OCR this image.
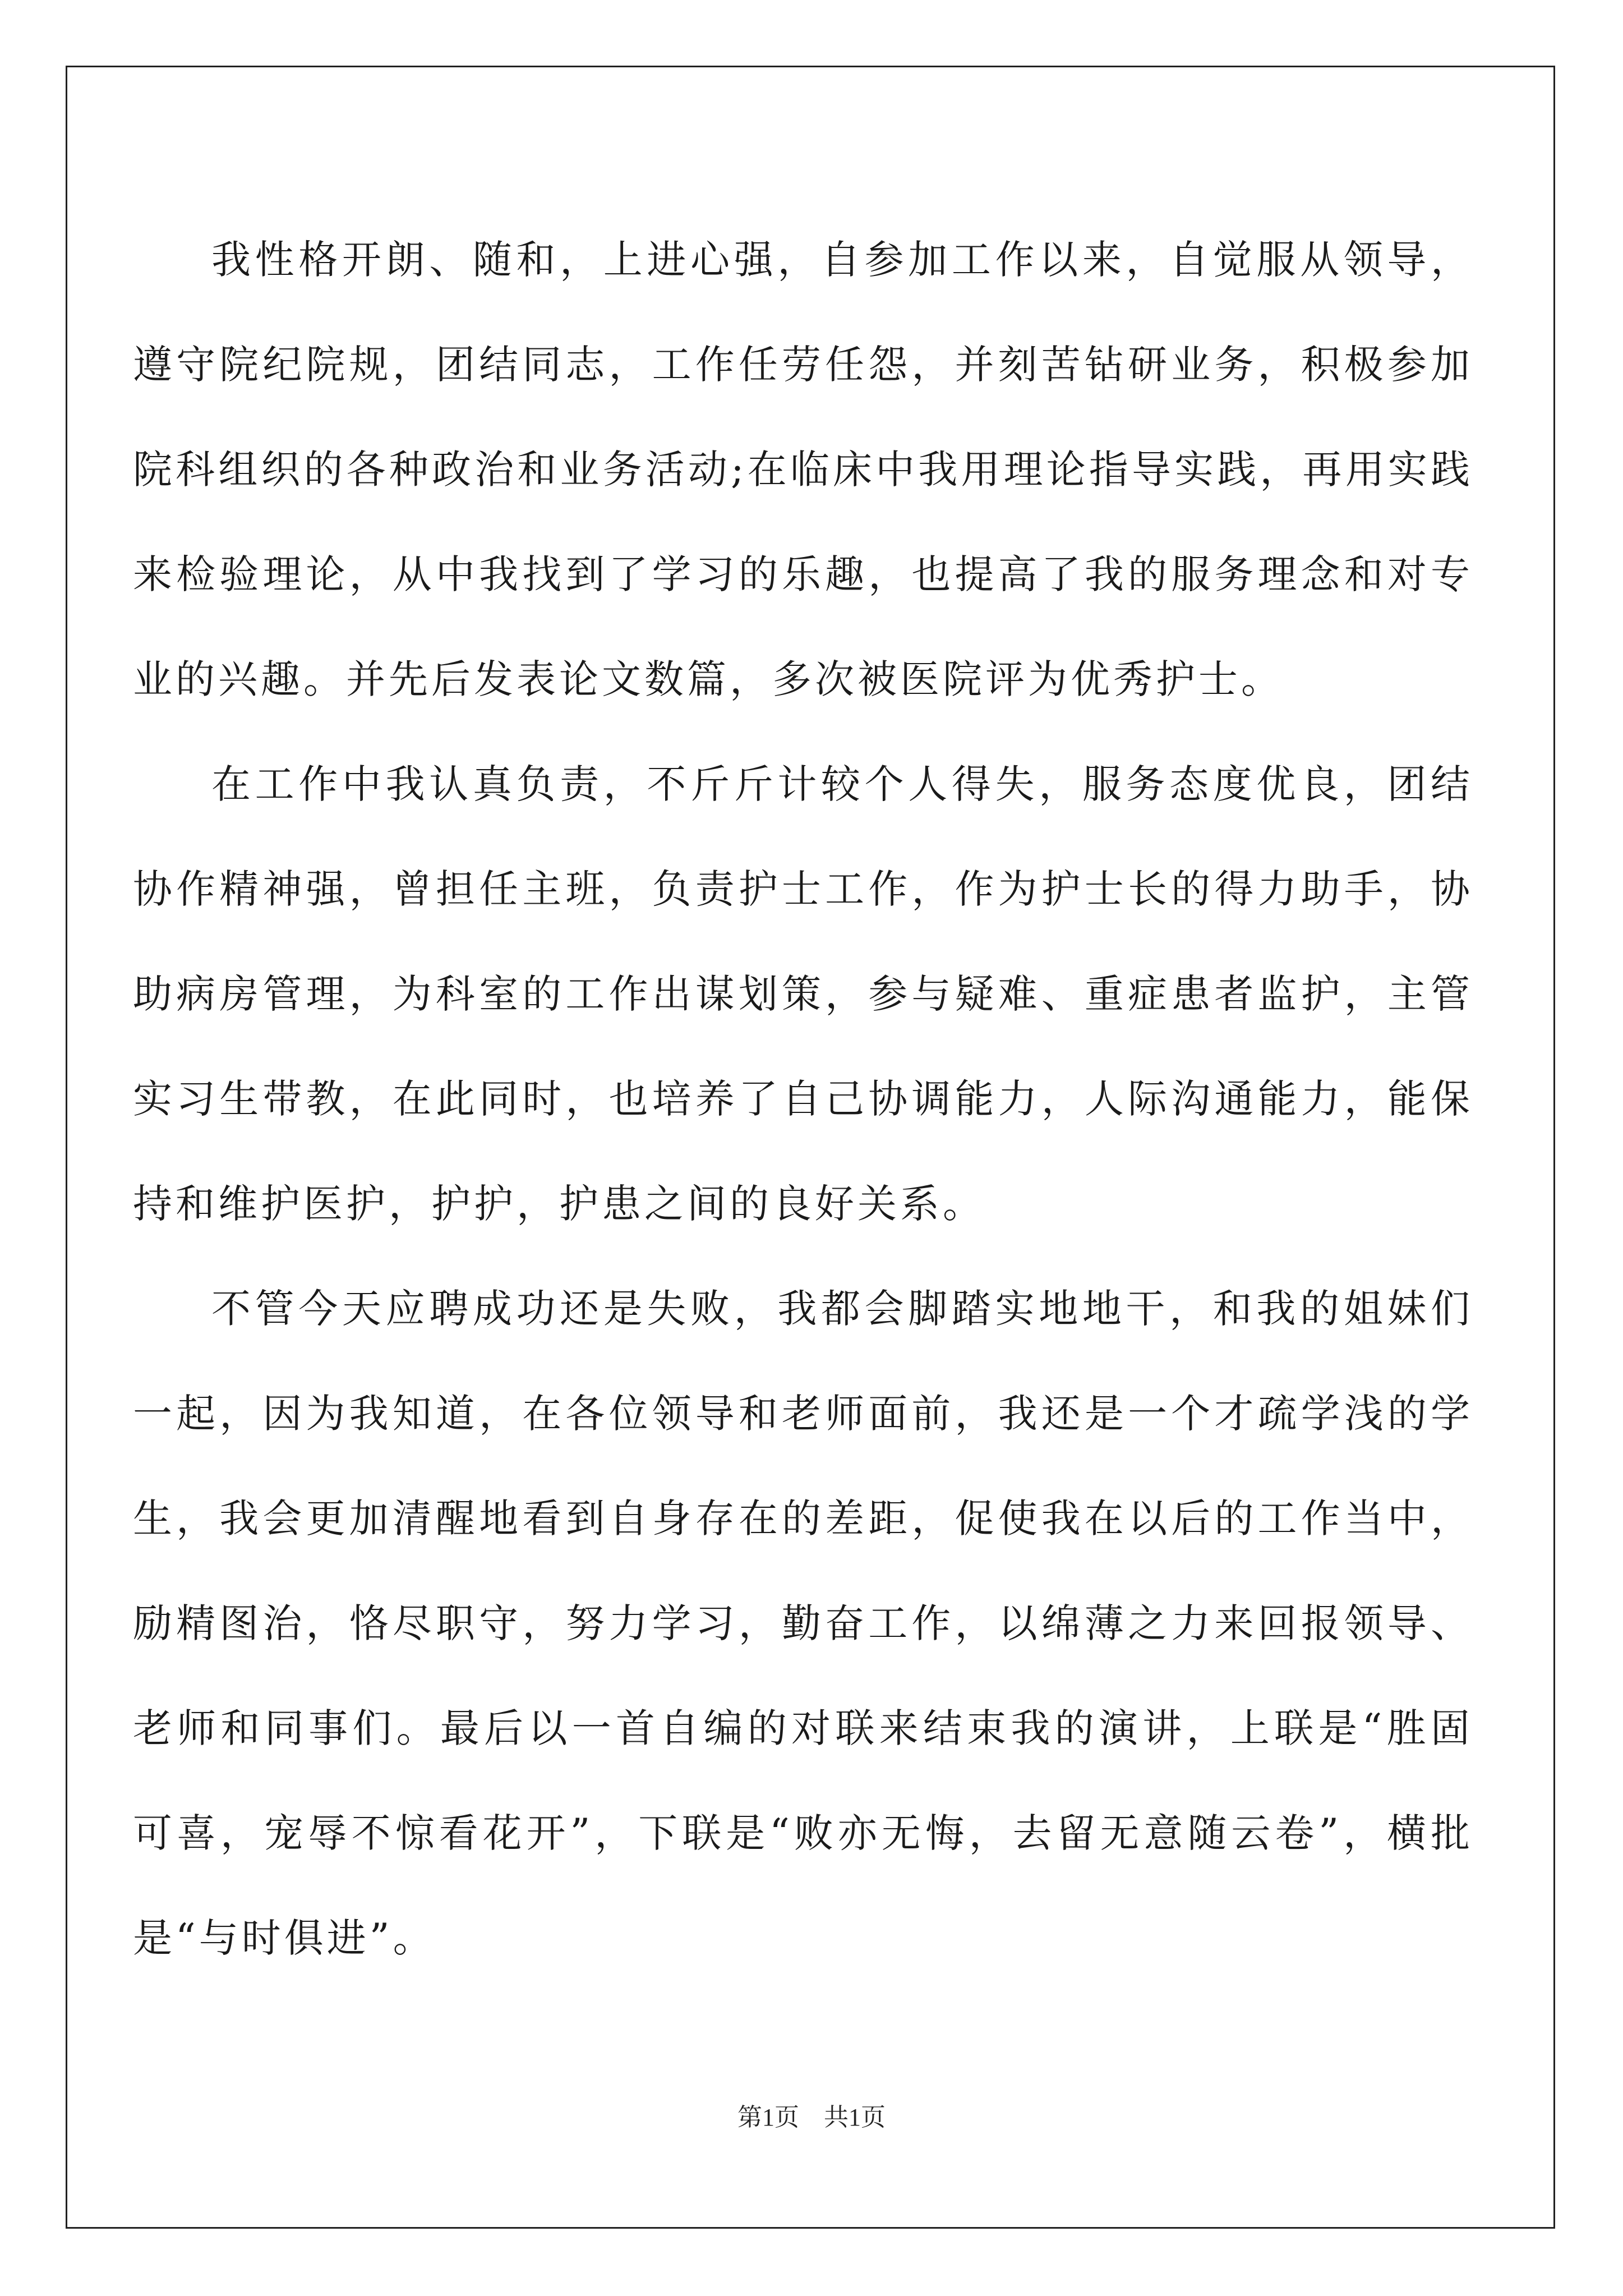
我性格开朗、随和，上进心强，自参加工作以来，自觉服从领导，遵守院纪院规，团结同志，工作任劳任怨，并刻苦钻研业务，积极参加院科组织的各种政治和业务活动;在临床中我用理论指导实践，再用实践来检验理论，从中我找到了学习的乐趣，也提高了我的服务理念和对专业的兴趣。并先后发表论文数篇，多次被医院评为优秀护士。

在工作中我认真负责，不斤斤计较个人得失，服务态度优良，团结协作精神强，曾担任主班，负责护士工作，作为护士长的得力助手，协助病房管理，为科室的工作出谋划策，参与疑难、重症患者监护，主管实习生带教，在此同时，也培养了自己协调能力，人际沟通能力，能保持和维护医护，护护，护患之间的良好关系。

不管今天应聘成功还是失败，我都会脚踏实地地干，和我的姐妹们一起，因为我知道，在各位领导和老师面前，我还是一个才疏学浅的学生，我会更加清醒地看到自身存在的差距，促使我在以后的工作当中，励精图治，恪尽职守，努力学习，勤奋工作，以绵薄之力来回报领导、老师和同事们。最后以一首自编的对联来结束我的演讲，上联是“胜固可喜，宠辱不惊看花开”，下联是“败亦无悔，去留无意随云卷”，横批是“与时俱进”。

第1页 共1页
